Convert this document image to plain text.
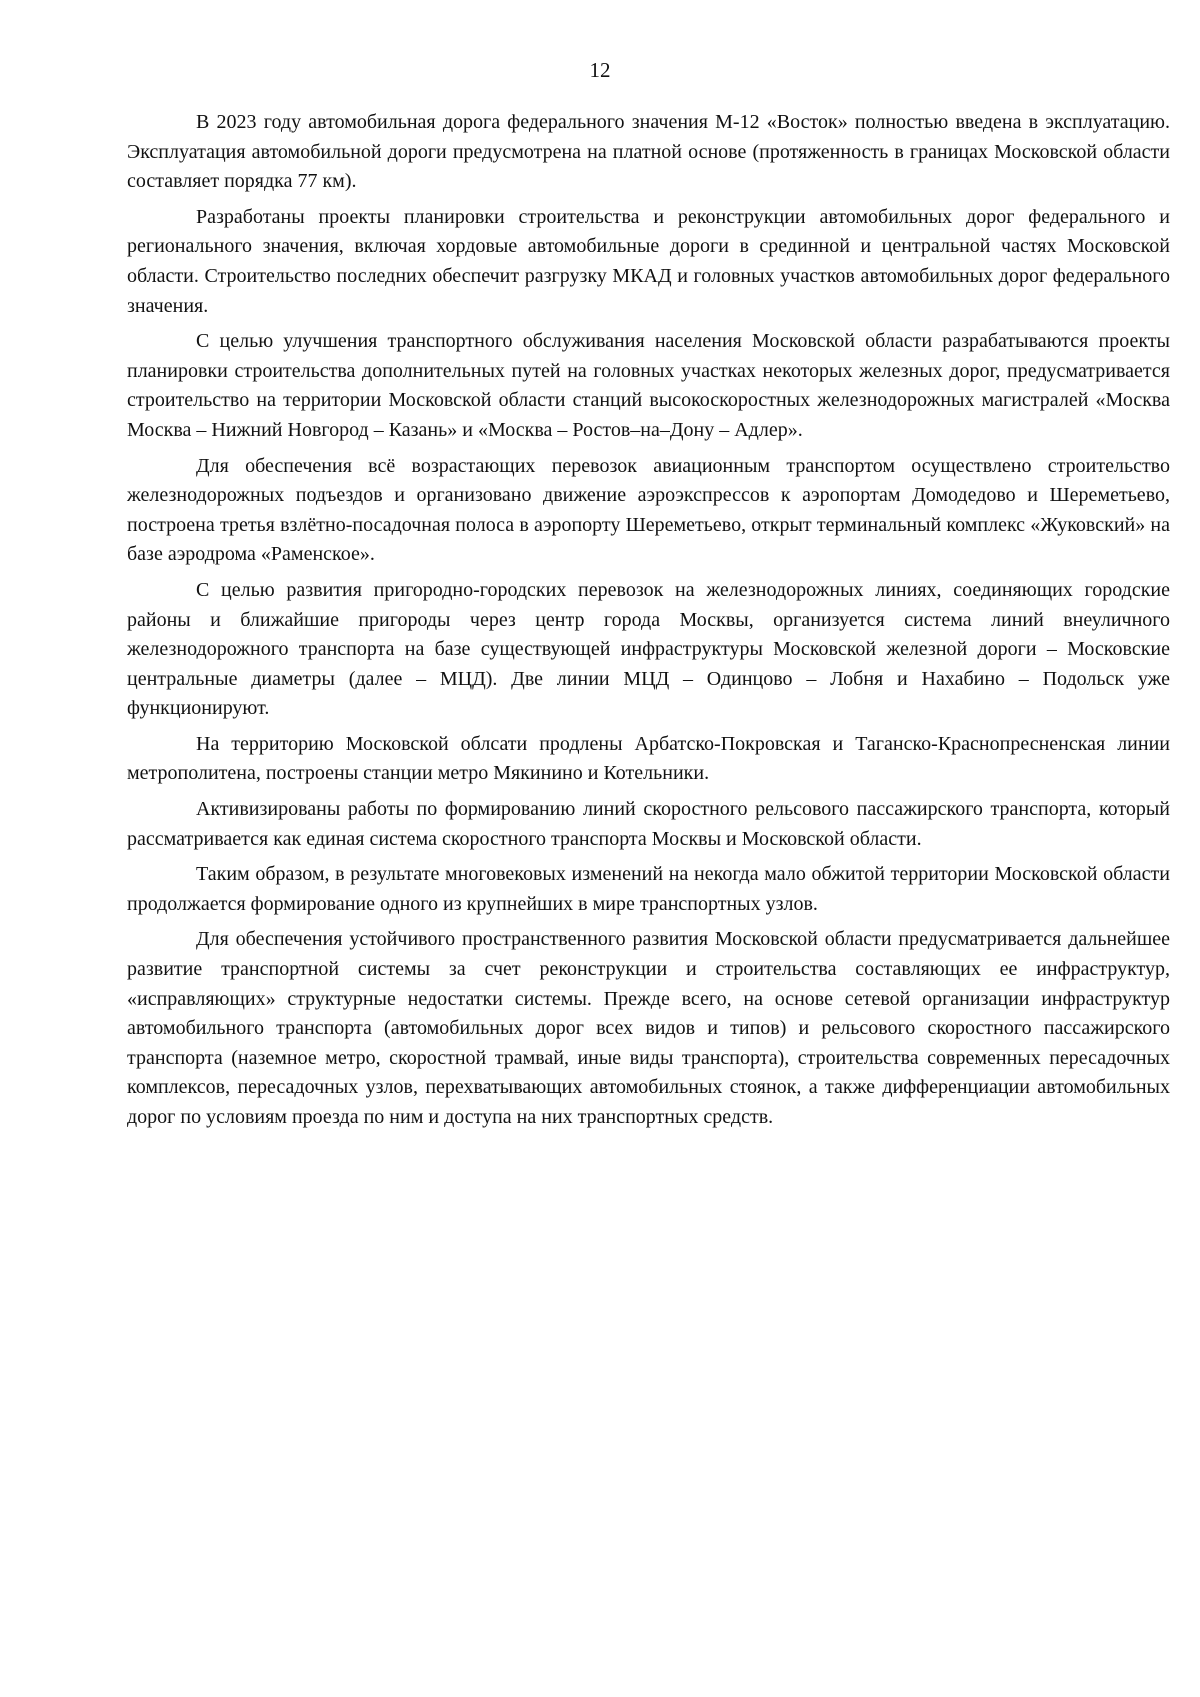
12

В 2023 году автомобильная дорога федерального значения М-12 «Восток» полностью введена в эксплуатацию. Эксплуатация автомобильной дороги предусмотрена на платной основе (протяженность в границах Московской области составляет порядка 77 км).

Разработаны проекты планировки строительства и реконструкции автомобильных дорог федерального и регионального значения, включая хордовые автомобильные дороги в срединной и центральной частях Московской области. Строительство последних обеспечит разгрузку МКАД и головных участков автомобильных дорог федерального значения.

С целью улучшения транспортного обслуживания населения Московской области разрабатываются проекты планировки строительства дополнительных путей на головных участках некоторых железных дорог, предусматривается строительство на территории Московской области станций высокоскоростных железнодорожных магистралей «Москва Москва – Нижний Новгород – Казань» и «Москва – Ростов–на–Дону – Адлер».

Для обеспечения всё возрастающих перевозок авиационным транспортом осуществлено строительство железнодорожных подъездов и организовано движение аэроэкспрессов к аэропортам Домодедово и Шереметьево, построена третья взлётно-посадочная полоса в аэропорту Шереметьево, открыт терминальный комплекс «Жуковский» на базе аэродрома «Раменское».

С целью развития пригородно-городских перевозок на железнодорожных линиях, соединяющих городские районы и ближайшие пригороды через центр города Москвы, организуется система линий внеуличного железнодорожного транспорта на базе существующей инфраструктуры Московской железной дороги – Московские центральные диаметры (далее – МЦД). Две линии МЦД – Одинцово – Лобня и Нахабино – Подольск уже функционируют.

На территорию Московской облсати продлены Арбатско-Покровская и Таганско-Краснопресненская линии метрополитена, построены станции метро Мякинино и Котельники.

Активизированы работы по формированию линий скоростного рельсового пассажирского транспорта, который рассматривается как единая система скоростного транспорта Москвы и Московской области.

Таким образом, в результате многовековых изменений на некогда мало обжитой территории Московской области продолжается формирование одного из крупнейших в мире транспортных узлов.

Для обеспечения устойчивого пространственного развития Московской области предусматривается дальнейшее развитие транспортной системы за счет реконструкции и строительства составляющих ее инфраструктур, «исправляющих» структурные недостатки системы. Прежде всего, на основе сетевой организации инфраструктур автомобильного транспорта (автомобильных дорог всех видов и типов) и рельсового скоростного пассажирского транспорта (наземное метро, скоростной трамвай, иные виды транспорта), строительства современных пересадочных комплексов, пересадочных узлов, перехватывающих автомобильных стоянок, а также дифференциации автомобильных дорог по условиям проезда по ним и доступа на них транспортных средств.
